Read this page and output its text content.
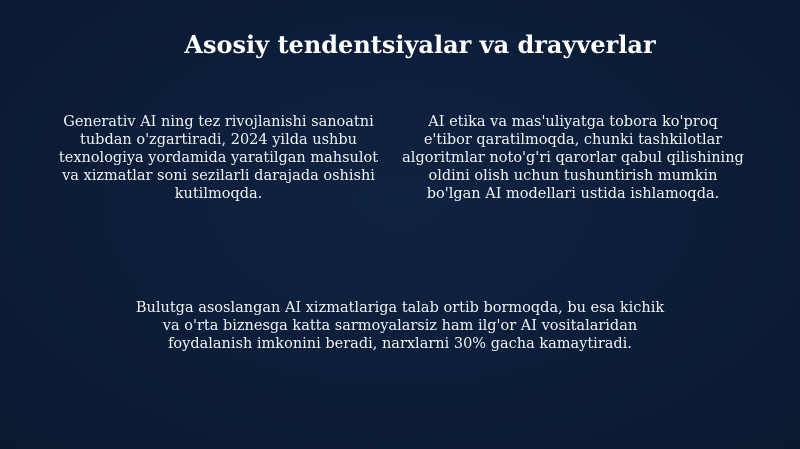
Asosiy tendentsiyalar va drayverlar
Generativ AI ning tez rivojlanishi sanoatni tubdan o'zgartiradi, 2024 yilda ushbu texnologiya yordamida yaratilgan mahsulot va xizmatlar soni sezilarli darajada oshishi kutilmoqda.
AI etika va mas'uliyatga tobora ko'proq e'tibor qaratilmoqda, chunki tashkilotlar algoritmlar noto'g'ri qarorlar qabul qilishining oldini olish uchun tushuntirish mumkin bo'lgan AI modellari ustida ishlamoqda.
Bulutga asoslangan AI xizmatlariga talab ortib bormoqda, bu esa kichik va o'rta biznesga katta sarmoyalarsiz ham ilg'or AI vositalaridan foydalanish imkonini beradi, narxlarni 30% gacha kamaytiradi.
